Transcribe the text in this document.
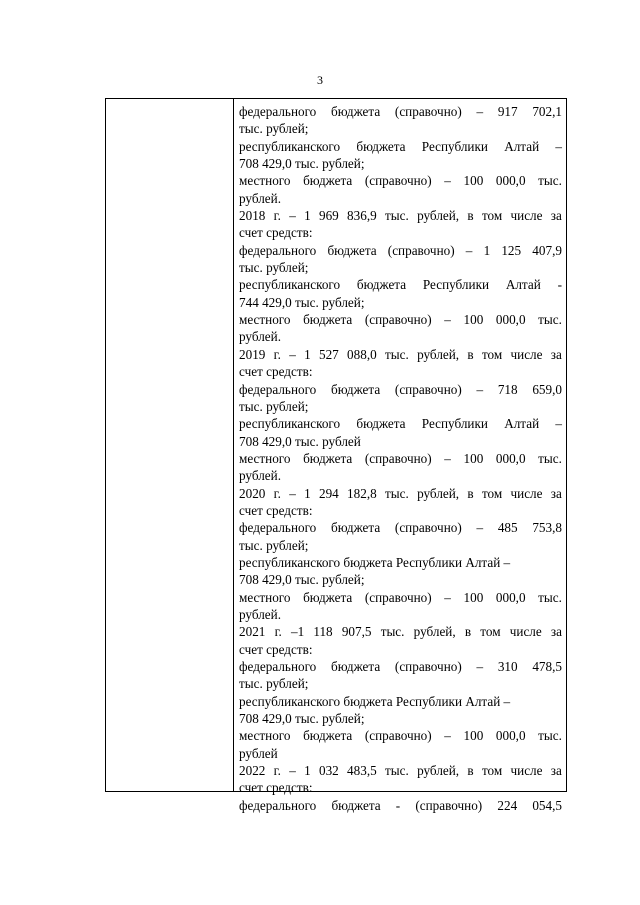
3
федерального бюджета (справочно) – 917 702,1
тыс. рублей;
республиканского бюджета Республики Алтай –
708 429,0 тыс. рублей;
местного бюджета (справочно) – 100 000,0 тыс.
рублей.
2018 г. – 1 969 836,9 тыс. рублей, в том числе за
счет средств:
федерального бюджета (справочно) – 1 125 407,9
тыс. рублей;
республиканского бюджета Республики Алтай -
744 429,0 тыс. рублей;
местного бюджета (справочно) – 100 000,0 тыс.
рублей.
2019 г. – 1 527 088,0 тыс. рублей, в том числе за
счет средств:
федерального бюджета (справочно) – 718 659,0
тыс. рублей;
республиканского бюджета Республики Алтай –
708 429,0 тыс. рублей
местного бюджета (справочно) – 100 000,0 тыс.
рублей.
2020 г. – 1 294 182,8 тыс. рублей, в том числе за
счет средств:
федерального бюджета (справочно) – 485 753,8
тыс. рублей;
республиканского бюджета Республики Алтай –
708 429,0 тыс. рублей;
местного бюджета (справочно) – 100 000,0 тыс.
рублей.
2021 г. –1 118 907,5 тыс. рублей, в том числе за
счет средств:
федерального бюджета (справочно) – 310 478,5
тыс. рублей;
республиканского бюджета Республики Алтай –
708 429,0 тыс. рублей;
местного бюджета (справочно) – 100 000,0 тыс.
рублей
2022 г. – 1 032 483,5 тыс. рублей, в том числе за
счет средств:
федерального бюджета - (справочно) 224 054,5
